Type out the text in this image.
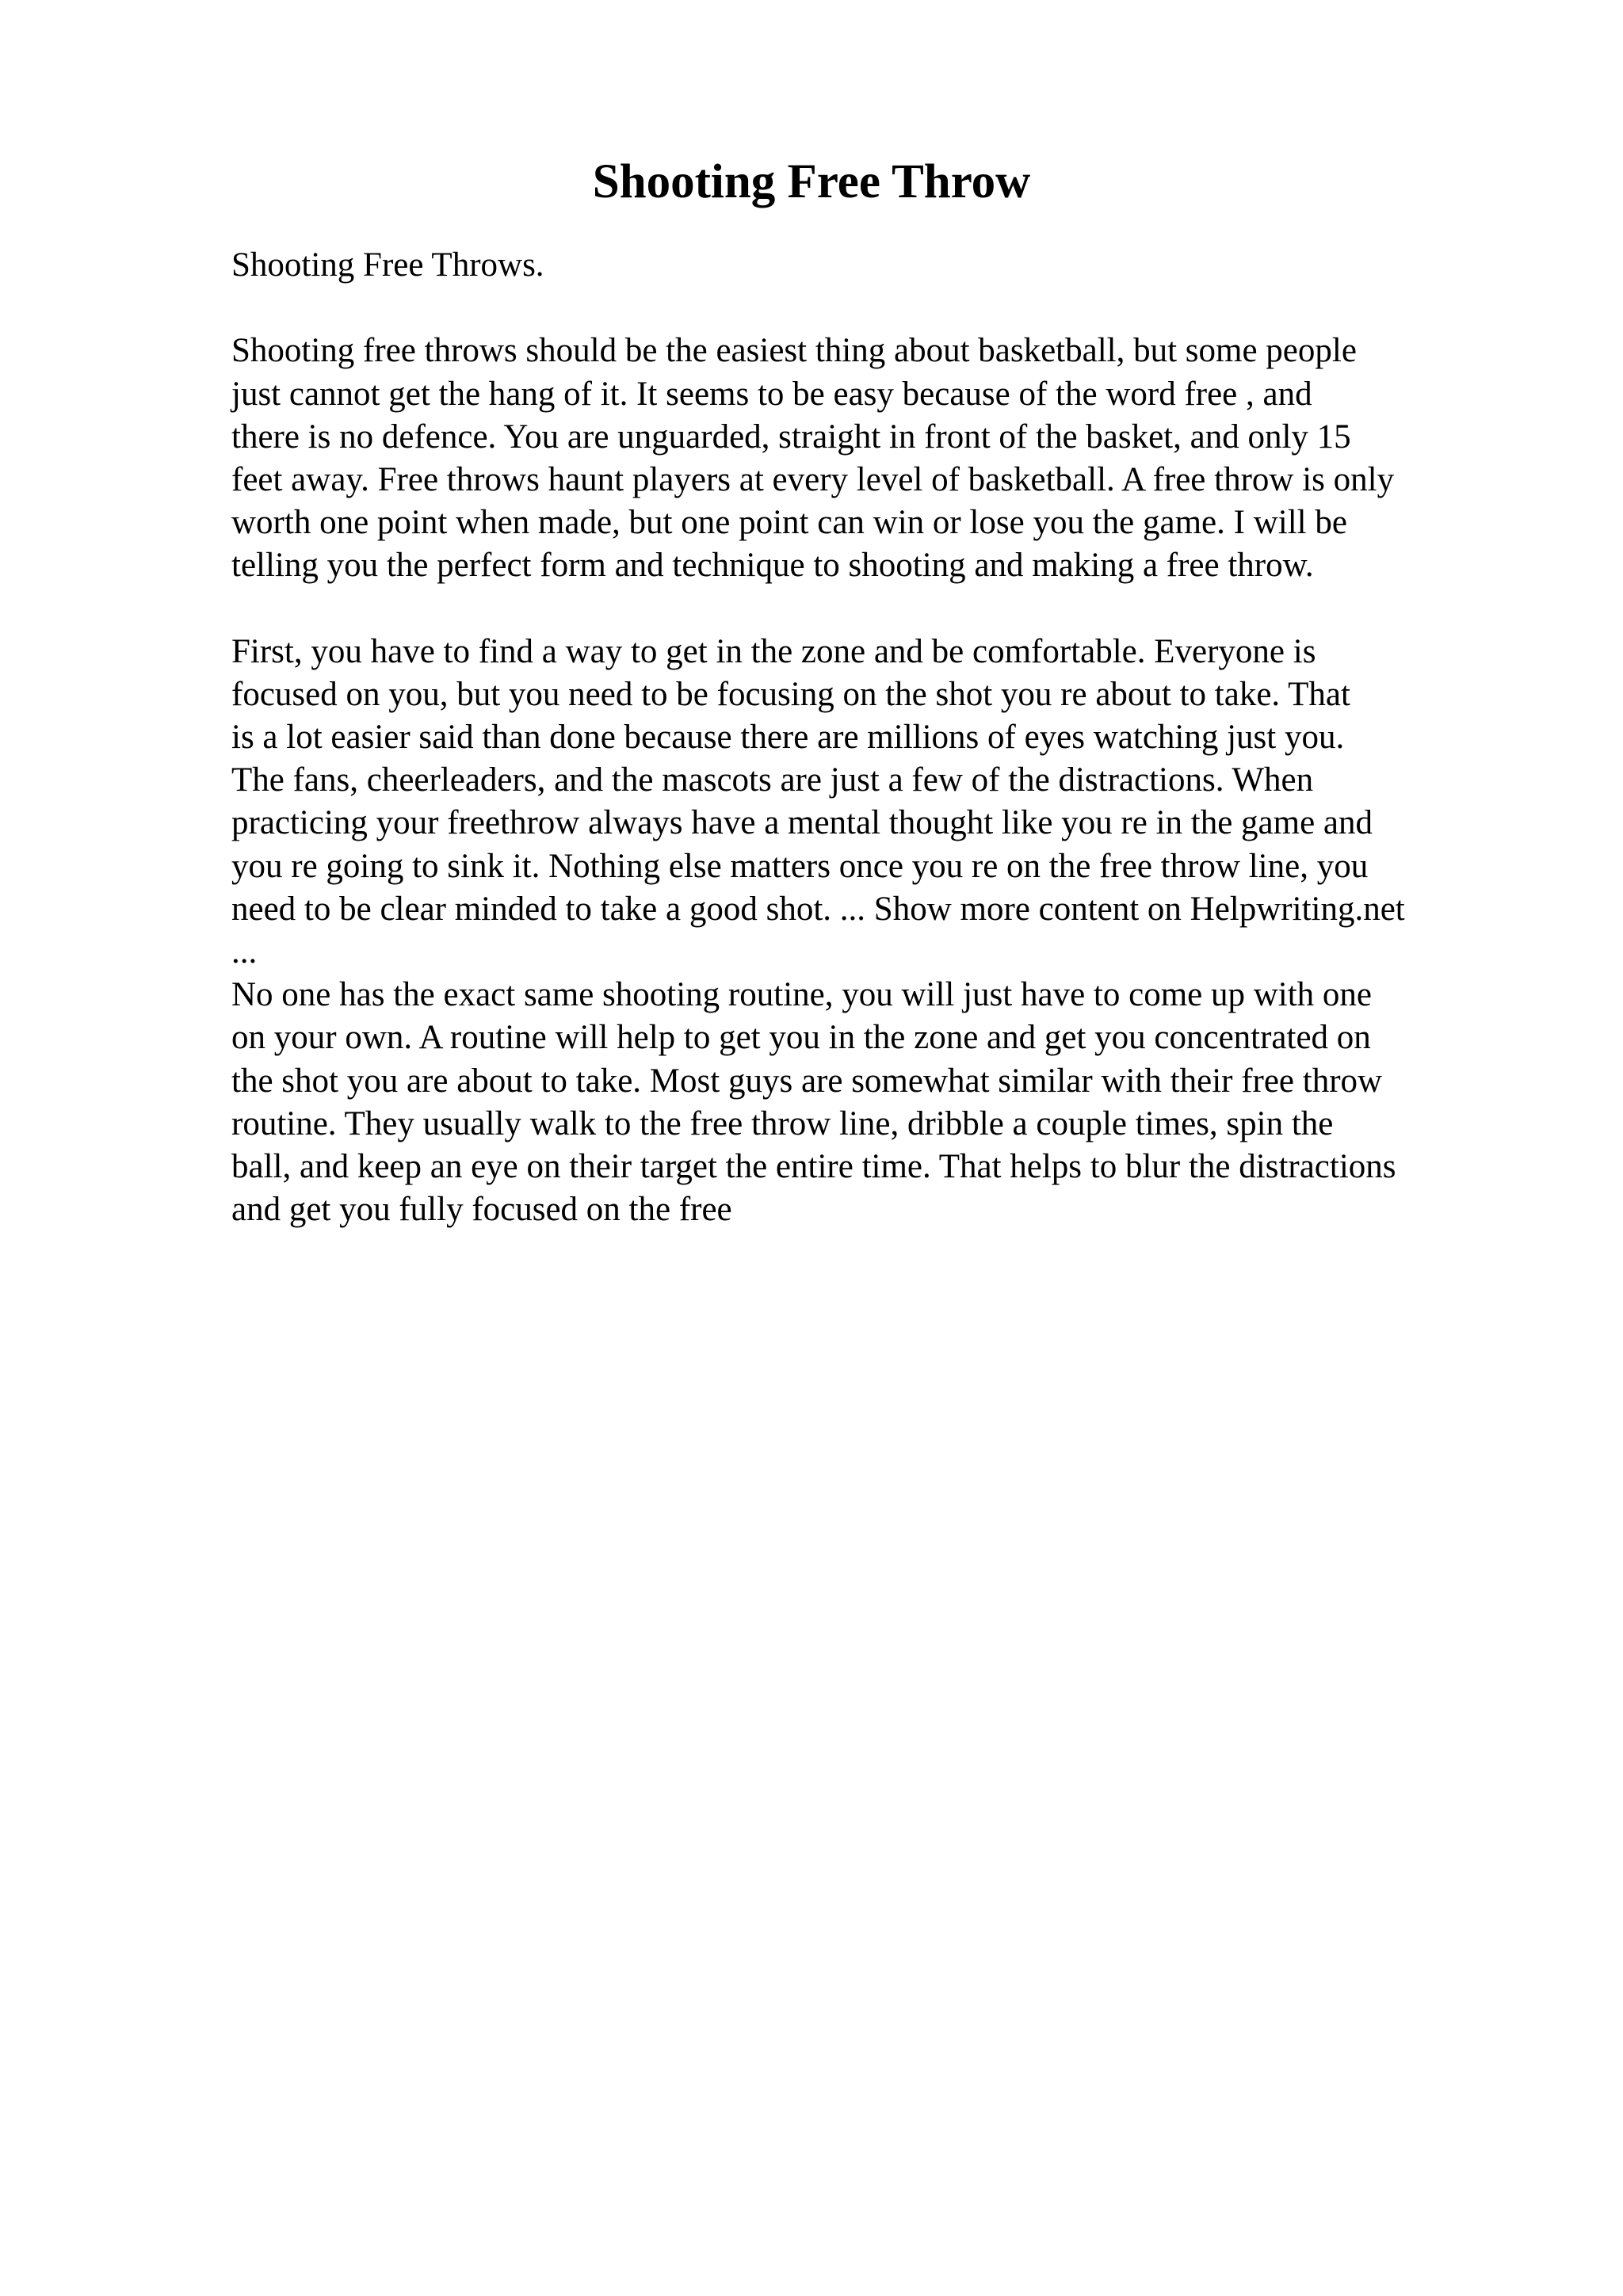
Shooting Free Throw
Shooting Free Throws.
Shooting free throws should be the easiest thing about basketball, but some people
just cannot get the hang of it. It seems to be easy because of the word free , and
there is no defence. You are unguarded, straight in front of the basket, and only 15
feet away. Free throws haunt players at every level of basketball. A free throw is only
worth one point when made, but one point can win or lose you the game. I will be
telling you the perfect form and technique to shooting and making a free throw.
First, you have to find a way to get in the zone and be comfortable. Everyone is
focused on you, but you need to be focusing on the shot you re about to take. That
is a lot easier said than done because there are millions of eyes watching just you.
The fans, cheerleaders, and the mascots are just a few of the distractions. When
practicing your freethrow always have a mental thought like you re in the game and
you re going to sink it. Nothing else matters once you re on the free throw line, you
need to be clear minded to take a good shot. ... Show more content on Helpwriting.net
...
No one has the exact same shooting routine, you will just have to come up with one
on your own. A routine will help to get you in the zone and get you concentrated on
the shot you are about to take. Most guys are somewhat similar with their free throw
routine. They usually walk to the free throw line, dribble a couple times, spin the
ball, and keep an eye on their target the entire time. That helps to blur the distractions
and get you fully focused on the free
